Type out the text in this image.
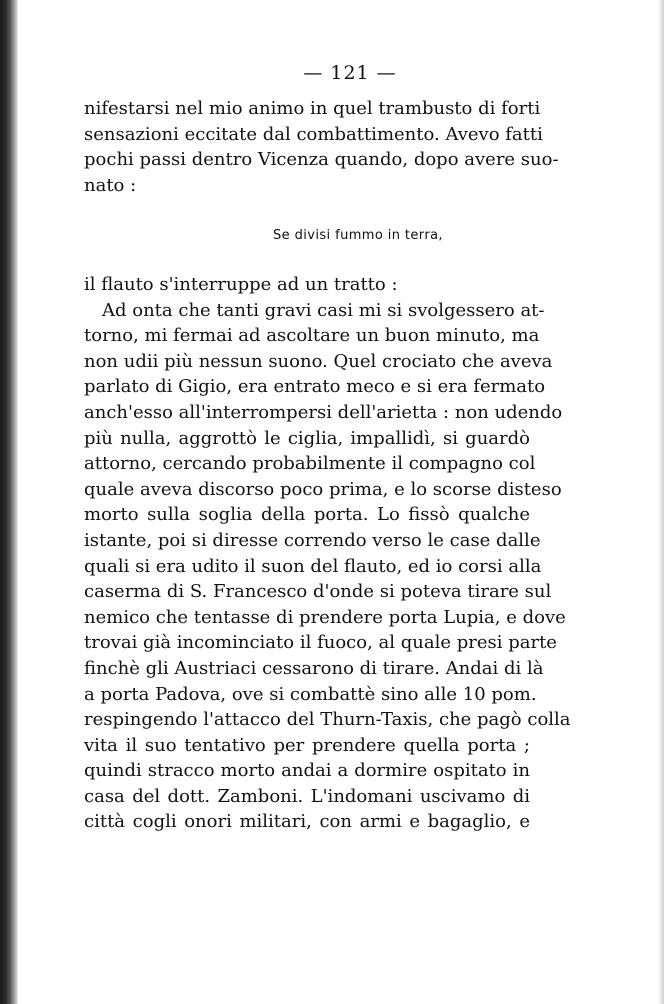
— 121 —
nifestarsi nel mio animo in quel trambusto di forti
sensazioni eccitate dal combattimento. Avevo fatti
pochi passi dentro Vicenza quando, dopo avere suo-
nato :
Se divisi fummo in terra,
il flauto s'interruppe ad un tratto :
Ad onta che tanti gravi casi mi si svolgessero at-
torno, mi fermai ad ascoltare un buon minuto, ma
non udii più nessun suono. Quel crociato che aveva
parlato di Gigio, era entrato meco e si era fermato
anch'esso all'interrompersi dell'arietta : non udendo
più nulla, aggrottò le ciglia, impallidì, si guardò
attorno, cercando probabilmente il compagno col
quale aveva discorso poco prima, e lo scorse disteso
morto sulla soglia della porta. Lo fissò qualche
istante, poi si diresse correndo verso le case dalle
quali si era udito il suon del flauto, ed io corsi alla
caserma di S. Francesco d'onde si poteva tirare sul
nemico che tentasse di prendere porta Lupia, e dove
trovai già incominciato il fuoco, al quale presi parte
finchè gli Austriaci cessarono di tirare. Andai di là
a porta Padova, ove si combattè sino alle 10 pom.
respingendo l'attacco del Thurn-Taxis, che pagò colla
vita il suo tentativo per prendere quella porta ;
quindi stracco morto andai a dormire ospitato in
casa del dott. Zamboni. L'indomani uscivamo di
città cogli onori militari, con armi e bagaglio, e
